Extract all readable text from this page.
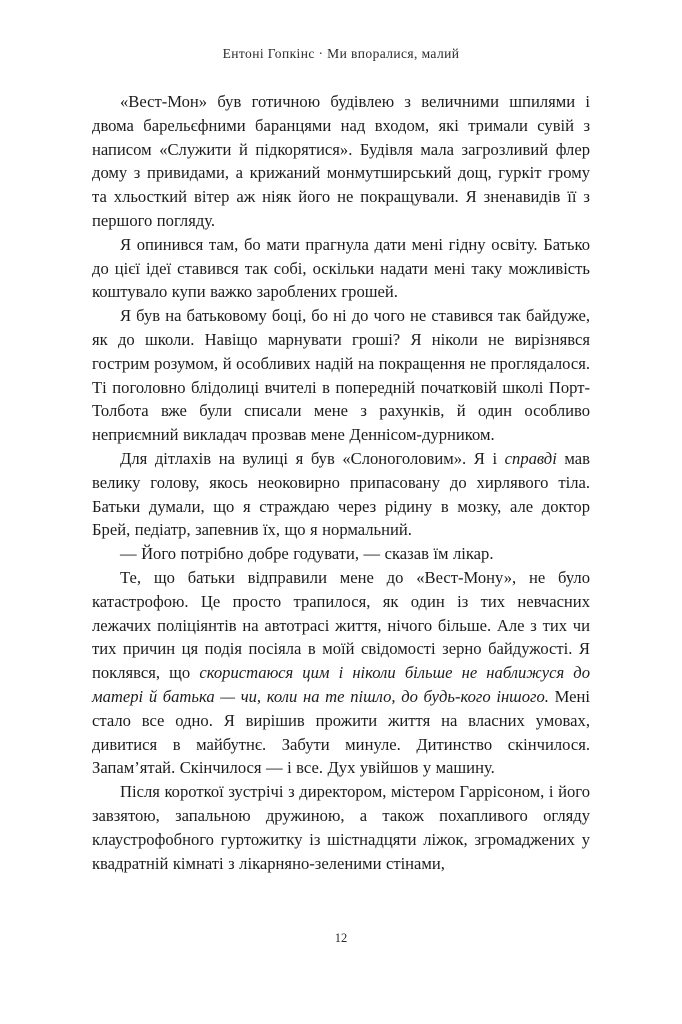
Ентоні Гопкінс · Ми впоралися, малий

«Вест-Мон» був готичною будівлею з величними шпилями і двома барельєфними баранцями над входом, які тримали сувій з написом «Служити й підкорятися». Будівля мала загрозливий флер дому з привидами, а крижаний монмутширський дощ, гуркіт грому та хльосткий вітер аж ніяк його не покращували. Я зненавидів її з першого погляду.

Я опинився там, бо мати прагнула дати мені гідну освіту. Батько до цієї ідеї ставився так собі, оскільки надати мені таку можливість коштувало купи важко зароблених грошей.

Я був на батьковому боці, бо ні до чого не ставився так байдуже, як до школи. Навіщо марнувати гроші? Я ніколи не вирізнявся гострим розумом, й особливих надій на покращення не проглядалося. Ті поголовно блідолиці вчителі в попередній початковій школі Порт-Толбота вже були списали мене з рахунків, й один особливо неприємний викладач прозвав мене Деннісом-дурником.

Для дітлахів на вулиці я був «Слоноголовим». Я і справді мав велику голову, якось неоковирно припасовану до хирлявого тіла. Батьки думали, що я страждаю через рідину в мозку, але доктор Брей, педіатр, запевнив їх, що я нормальний.

— Його потрібно добре годувати, — сказав їм лікар.

Те, що батьки відправили мене до «Вест-Мону», не було катастрофою. Це просто трапилося, як один із тих невчасних лежачих поліціянтів на автотрасі життя, нічого більше. Але з тих чи тих причин ця подія посіяла в моїй свідомості зерно байдужості. Я поклявся, що скористаюся цим і ніколи більше не наближуся до матері й батька — чи, коли на те пішло, до будь-кого іншого. Мені стало все одно. Я вирішив прожити життя на власних умовах, дивитися в майбутнє. Забути минуле. Дитинство скінчилося. Запам’ятай. Скінчилося — і все. Дух увійшов у машину.

Після короткої зустрічі з директором, містером Гаррісоном, і його завзятою, запальною дружиною, а також похапливого огляду клаустрофобного гуртожитку із шістнадцяти ліжок, згромаджених у квадратній кімнаті з лікарняно-зеленими стінами,

12
